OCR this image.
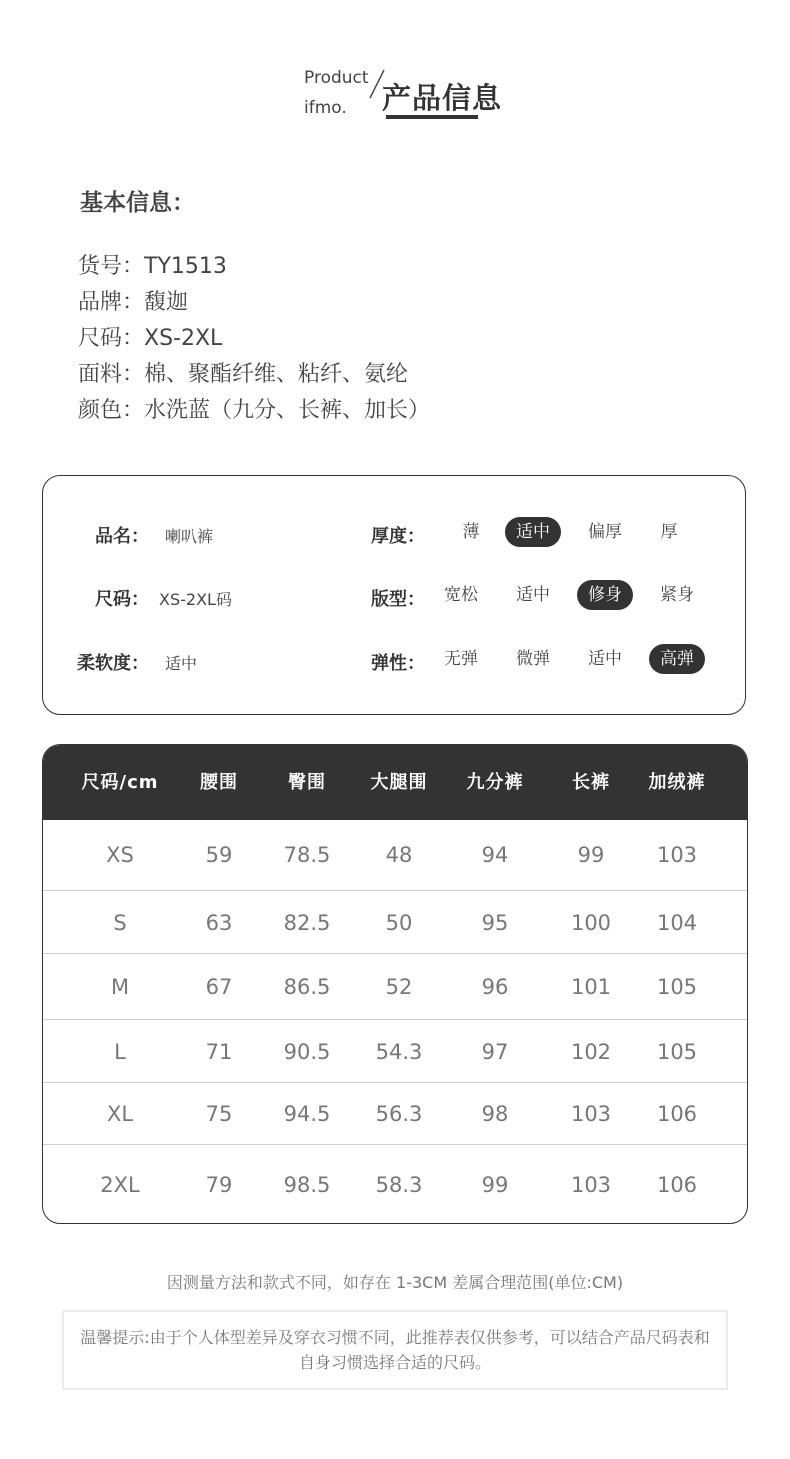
Product
ifmo. 产品信息
基本信息：
货号：TY1513
品牌：馥迦
尺码：XS-2XL
面料：棉、聚酯纤维、粘纤、氨纶
颜色：水洗蓝（九分、长裤、加长）
品名： 喇叭裤
尺码： XS-2XL码
柔软度： 适中
厚度：	薄	适中	偏厚	厚
版型：	宽松	适中	修身	紧身
弹性：	无弹	微弹	适中	高弹
尺码/cm 腰围	臀围 大腿围 九分裤	长裤 加绒裤
XS	59 78.5	48	94	99	103
S	63 82.5	50	95	100 104
M	67 86.5	52	96	101 105
L	71 90.5 54.3	97	102 105
XL	75 94.5 56.3	98	103 106
2XL	79 98.5 58.3	99	103 106
因测量方法和款式不同，如存在 1-3CM 差属合理范围(单位:CM)
温馨提示:由于个人体型差异及穿衣习惯不同，此推荐表仅供参考，可以结合产品尺码表和自身习惯选择合适的尺码。
